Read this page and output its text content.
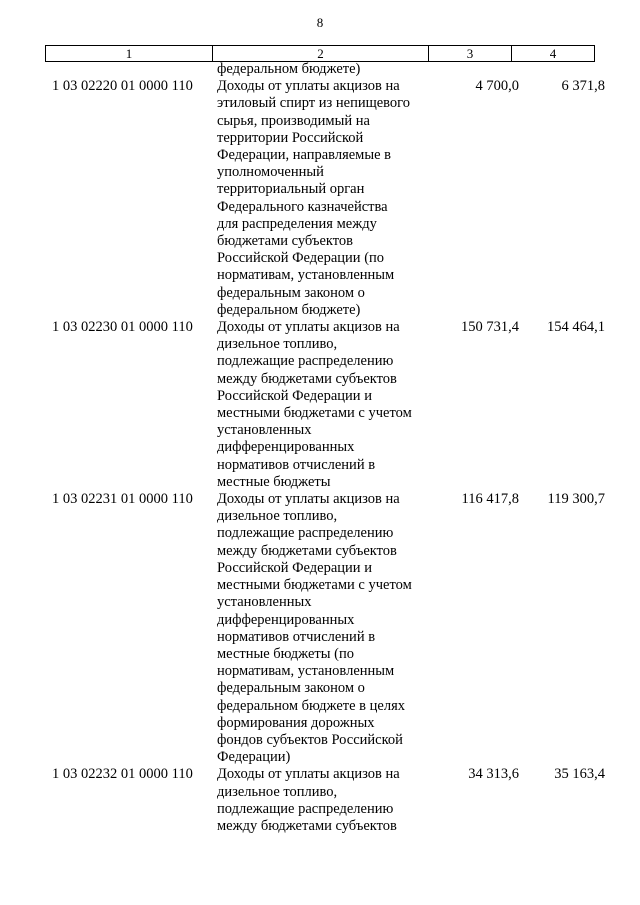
8
1	2	3	4
федеральном бюджете)
1 03 02220 01 0000 110	Доходы от уплаты акцизов на
этиловый спирт из непищевого
сырья, производимый на
территории Российской
Федерации, направляемые в
уполномоченный
территориальный орган
Федерального казначейства
для распределения между
бюджетами субъектов
Российской Федерации (по
нормативам, установленным
федеральным законом о
федеральном бюджете)
4 700,0	6 371,8
1 03 02230 01 0000 110	Доходы от уплаты акцизов на
дизельное топливо,
подлежащие распределению
между бюджетами субъектов
Российской Федерации и
местными бюджетами с учетом
установленных
дифференцированных
нормативов отчислений в
местные бюджеты
150 731,4	154 464,1
1 03 02231 01 0000 110	Доходы от уплаты акцизов на
дизельное топливо,
подлежащие распределению
между бюджетами субъектов
Российской Федерации и
местными бюджетами с учетом
установленных
дифференцированных
нормативов отчислений в
местные бюджеты (по
нормативам, установленным
федеральным законом о
федеральном бюджете в целях
формирования дорожных
фондов субъектов Российской
Федерации)
116 417,8	119 300,7
1 03 02232 01 0000 110	Доходы от уплаты акцизов на
дизельное топливо,
подлежащие распределению
между бюджетами субъектов
34 313,6	35 163,4
